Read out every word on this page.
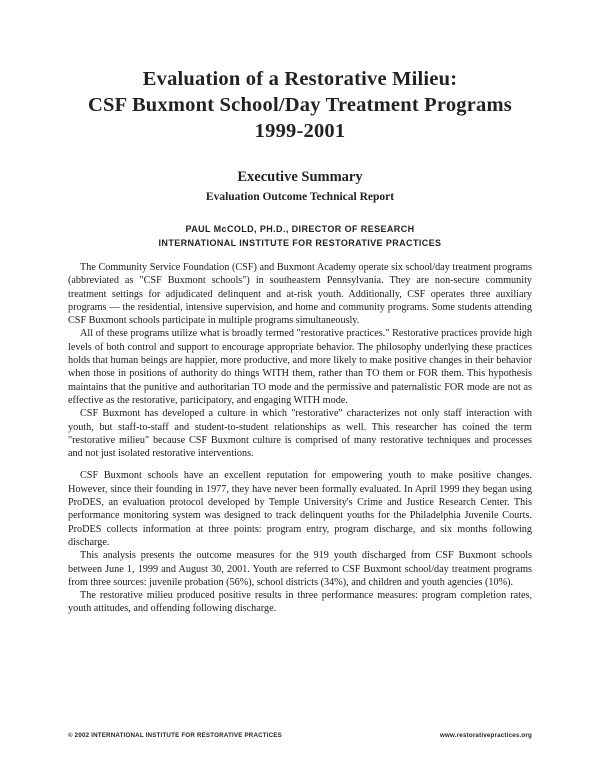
Evaluation of a Restorative Milieu:

CSF Buxmont School/Day Treatment Programs

1999-2001

Executive Summary

Evaluation Outcome Technical Report

PAUL McCOLD, PH.D., DIRECTOR OF RESEARCH

INTERNATIONAL INSTITUTE FOR RESTORATIVE PRACTICES

The Community Service Foundation (CSF) and Buxmont Academy operate six school/day treatment programs (abbreviated as "CSF Buxmont schools") in southeastern Pennsylvania. They are non-secure community treatment settings for adjudicated delinquent and at-risk youth. Additionally, CSF operates three auxiliary programs — the residential, intensive supervision, and home and community programs. Some students attending CSF Buxmont schools participate in multiple programs simultaneously.

All of these programs utilize what is broadly termed "restorative practices." Restorative practices provide high levels of both control and support to encourage appropriate behavior. The philosophy underlying these practices holds that human beings are happier, more productive, and more likely to make positive changes in their behavior when those in positions of authority do things WITH them, rather than TO them or FOR them. This hypothesis maintains that the punitive and authoritarian TO mode and the permissive and paternalistic FOR mode are not as effective as the restorative, participatory, and engaging WITH mode.

CSF Buxmont has developed a culture in which "restorative" characterizes not only staff interaction with youth, but staff-to-staff and student-to-student relationships as well. This researcher has coined the term "restorative milieu" because CSF Buxmont culture is comprised of many restorative techniques and processes and not just isolated restorative interventions.

CSF Buxmont schools have an excellent reputation for empowering youth to make positive changes. However, since their founding in 1977, they have never been formally evaluated. In April 1999 they began using ProDES, an evaluation protocol developed by Temple University's Crime and Justice Research Center. This performance monitoring system was designed to track delinquent youths for the Philadelphia Juvenile Courts. ProDES collects information at three points: program entry, program discharge, and six months following discharge.

This analysis presents the outcome measures for the 919 youth discharged from CSF Buxmont schools between June 1, 1999 and August 30, 2001. Youth are referred to CSF Buxmont school/day treatment programs from three sources: juvenile probation (56%), school districts (34%), and children and youth agencies (10%).

The restorative milieu produced positive results in three performance measures: program completion rates, youth attitudes, and offending following discharge.

© 2002 INTERNATIONAL INSTITUTE FOR RESTORATIVE PRACTICES	www.restorativepractices.org
